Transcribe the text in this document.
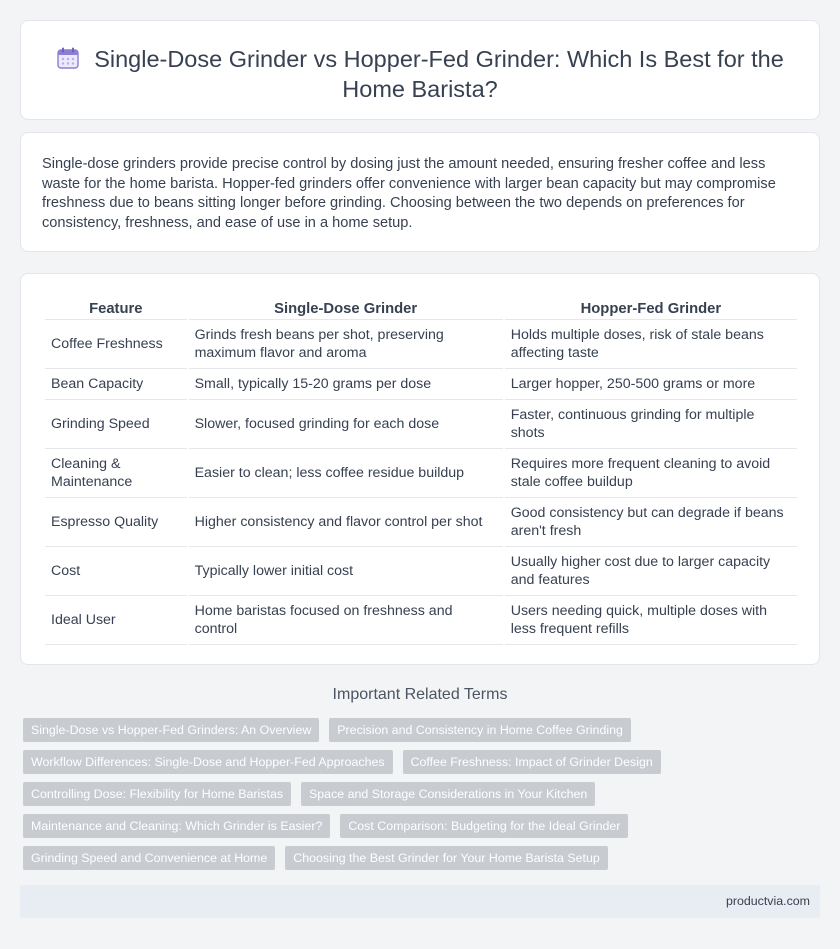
Single-Dose Grinder vs Hopper-Fed Grinder: Which Is Best for the Home Barista?

Single-dose grinders provide precise control by dosing just the amount needed, ensuring fresher coffee and less waste for the home barista. Hopper-fed grinders offer convenience with larger bean capacity but may compromise freshness due to beans sitting longer before grinding. Choosing between the two depends on preferences for consistency, freshness, and ease of use in a home setup.

Feature	Single-Dose Grinder	Hopper-Fed Grinder
Coffee Freshness	Grinds fresh beans per shot, preserving maximum flavor and aroma	Holds multiple doses, risk of stale beans affecting taste
Bean Capacity	Small, typically 15-20 grams per dose	Larger hopper, 250-500 grams or more
Grinding Speed	Slower, focused grinding for each dose	Faster, continuous grinding for multiple shots
Cleaning & Maintenance	Easier to clean; less coffee residue buildup	Requires more frequent cleaning to avoid stale coffee buildup
Espresso Quality	Higher consistency and flavor control per shot	Good consistency but can degrade if beans aren't fresh
Cost	Typically lower initial cost	Usually higher cost due to larger capacity and features
Ideal User	Home baristas focused on freshness and control	Users needing quick, multiple doses with less frequent refills
Important Related Terms
Single-Dose vs Hopper-Fed Grinders: An Overview	Precision and Consistency in Home Coffee Grinding
Workflow Differences: Single-Dose and Hopper-Fed Approaches	Coffee Freshness: Impact of Grinder Design
Controlling Dose: Flexibility for Home Baristas	Space and Storage Considerations in Your Kitchen
Maintenance and Cleaning: Which Grinder is Easier?	Cost Comparison: Budgeting for the Ideal Grinder
Grinding Speed and Convenience at Home	Choosing the Best Grinder for Your Home Barista Setup
productvia.com
